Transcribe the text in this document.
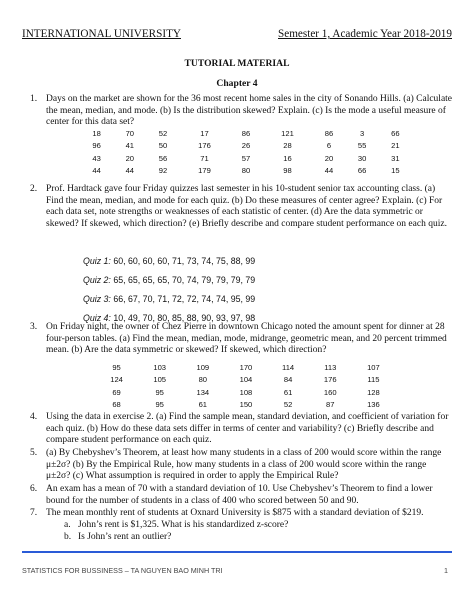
INTERNATIONAL UNIVERSITY	Semester 1, Academic Year 2018-2019
TUTORIAL MATERIAL
Chapter 4
1. Days on the market are shown for the 36 most recent home sales in the city of Sonando Hills. (a) Calculate the mean, median, and mode. (b) Is the distribution skewed? Explain. (c) Is the mode a useful measure of center for this data set?
18	70	52	17	86	121	86	3	66
96	41	50	176	26	28	6	55	21
43	20	56	71	57	16	20	30	31
44	44	92	179	80	98	44	66	15
2. Prof. Hardtack gave four Friday quizzes last semester in his 10-student senior tax accounting class. (a) Find the mean, median, and mode for each quiz. (b) Do these measures of center agree? Explain. (c) For each data set, note strengths or weaknesses of each statistic of center. (d) Are the data symmetric or skewed? If skewed, which direction? (e) Briefly describe and compare student performance on each quiz.
Quiz 1: 60, 60, 60, 60, 71, 73, 74, 75, 88, 99
Quiz 2: 65, 65, 65, 65, 70, 74, 79, 79, 79, 79
Quiz 3: 66, 67, 70, 71, 72, 72, 74, 74, 95, 99
Quiz 4: 10, 49, 70, 80, 85, 88, 90, 93, 97, 98
3. On Friday night, the owner of Chez Pierre in downtown Chicago noted the amount spent for dinner at 28 four-person tables. (a) Find the mean, median, mode, midrange, geometric mean, and 20 percent trimmed mean. (b) Are the data symmetric or skewed? If skewed, which direction?
95	103	109	170	114	113	107
124	105	80	104	84	176	115
69	95	134	108	61	160	128
68	95	61	150	52	87	136
4. Using the data in exercise 2. (a) Find the sample mean, standard deviation, and coefficient of variation for each quiz. (b) How do these data sets differ in terms of center and variability? (c) Briefly describe and compare student performance on each quiz.
5. (a) By Chebyshev’s Theorem, at least how many students in a class of 200 would score within the range μ±2σ? (b) By the Empirical Rule, how many students in a class of 200 would score within the range μ±2σ? (c) What assumption is required in order to apply the Empirical Rule?
6. An exam has a mean of 70 with a standard deviation of 10. Use Chebyshev’s Theorem to find a lower bound for the number of students in a class of 400 who scored between 50 and 90.
7. The mean monthly rent of students at Oxnard University is $875 with a standard deviation of $219.
a. John’s rent is $1,325. What is his standardized z-score?
b. Is John’s rent an outlier?
STATISTICS FOR BUSSINESS – TA NGUYEN BAO MINH TRI	1
